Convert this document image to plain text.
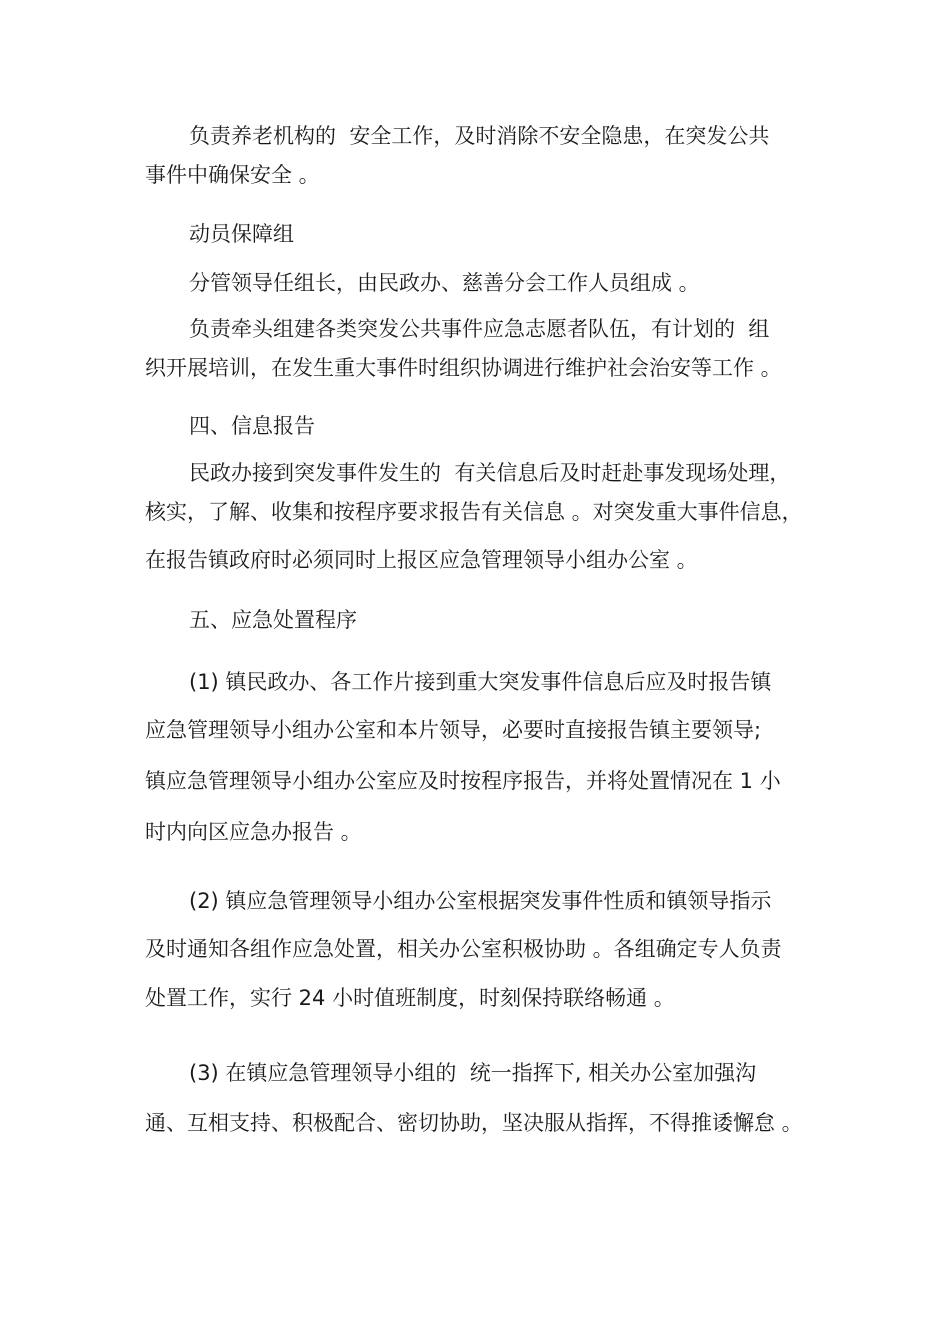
负责养老机构的  安全工作，及时消除不安全隐患，在突发公共
事件中确保安全 。
动员保障组
分管领导任组长，由民政办、慈善分会工作人员组成 。
负责牵头组建各类突发公共事件应急志愿者队伍，有计划的  组
织开展培训，在发生重大事件时组织协调进行维护社会治安等工作 。
四、信息报告
民政办接到突发事件发生的  有关信息后及时赶赴事发现场处理，
核实，了解、收集和按程序要求报告有关信息 。对突发重大事件信息，
在报告镇政府时必须同时上报区应急管理领导小组办公室 。
五、应急处置程序
(1) 镇民政办、各工作片接到重大突发事件信息后应及时报告镇
应急管理领导小组办公室和本片领导，必要时直接报告镇主要领导;
镇应急管理领导小组办公室应及时按程序报告，并将处置情况在 1 小
时内向区应急办报告 。
(2) 镇应急管理领导小组办公室根据突发事件性质和镇领导指示
及时通知各组作应急处置，相关办公室积极协助 。各组确定专人负责
处置工作，实行 24 小时值班制度，时刻保持联络畅通 。
(3) 在镇应急管理领导小组的  统一指挥下, 相关办公室加强沟
通、互相支持、积极配合、密切协助，坚决服从指挥，不得推诿懈怠 。
